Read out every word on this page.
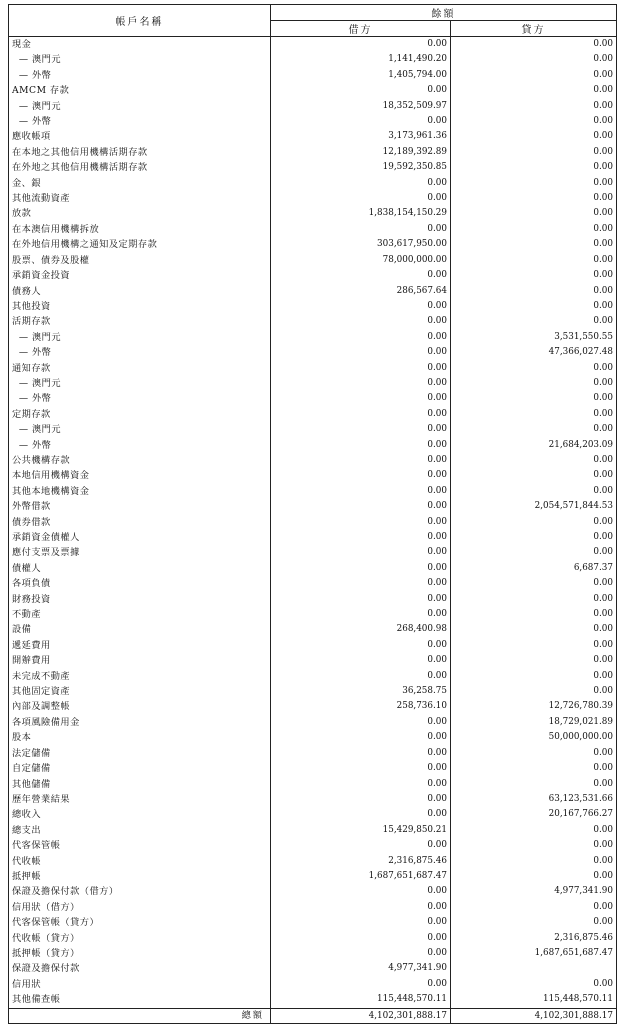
帳戶名稱	餘額	
	借方	貸方
現金	0.00	0.00
— 澳門元	1,141,490.20	0.00
— 外幣	1,405,794.00	0.00
AMCM 存款	0.00	0.00
— 澳門元	18,352,509.97	0.00
— 外幣	0.00	0.00
應收帳項	3,173,961.36	0.00
在本地之其他信用機構活期存款	12,189,392.89	0.00
在外地之其他信用機構活期存款	19,592,350.85	0.00
金、銀	0.00	0.00
其他流動資產	0.00	0.00
放款	1,838,154,150.29	0.00
在本澳信用機構拆放	0.00	0.00
在外地信用機構之通知及定期存款	303,617,950.00	0.00
股票、債券及股權	78,000,000.00	0.00
承銷資金投資	0.00	0.00
債務人	286,567.64	0.00
其他投資	0.00	0.00
活期存款	0.00	0.00
— 澳門元	0.00	3,531,550.55
— 外幣	0.00	47,366,027.48
通知存款	0.00	0.00
— 澳門元	0.00	0.00
— 外幣	0.00	0.00
定期存款	0.00	0.00
— 澳門元	0.00	0.00
— 外幣	0.00	21,684,203.09
公共機構存款	0.00	0.00
本地信用機構資金	0.00	0.00
其他本地機構資金	0.00	0.00
外幣借款	0.00	2,054,571,844.53
債券借款	0.00	0.00
承銷資金債權人	0.00	0.00
應付支票及票據	0.00	0.00
債權人	0.00	6,687.37
各項負債	0.00	0.00
財務投資	0.00	0.00
不動產	0.00	0.00
設備	268,400.98	0.00
遞延費用	0.00	0.00
開辦費用	0.00	0.00
未完成不動產	0.00	0.00
其他固定資產	36,258.75	0.00
內部及調整帳	258,736.10	12,726,780.39
各項風險備用金	0.00	18,729,021.89
股本	0.00	50,000,000.00
法定儲備	0.00	0.00
自定儲備	0.00	0.00
其他儲備	0.00	0.00
歷年營業結果	0.00	63,123,531.66
總收入	0.00	20,167,766.27
總支出	15,429,850.21	0.00
代客保管帳	0.00	0.00
代收帳	2,316,875.46	0.00
抵押帳	1,687,651,687.47	0.00
保證及擔保付款（借方）	0.00	4,977,341.90
信用狀（借方）	0.00	0.00
代客保管帳（貸方）	0.00	0.00
代收帳（貸方）	0.00	2,316,875.46
抵押帳（貸方）	0.00	1,687,651,687.47
保證及擔保付款	4,977,341.90	
信用狀	0.00	0.00
其他備查帳	115,448,570.11	115,448,570.11
總額	4,102,301,888.17	4,102,301,888.17
